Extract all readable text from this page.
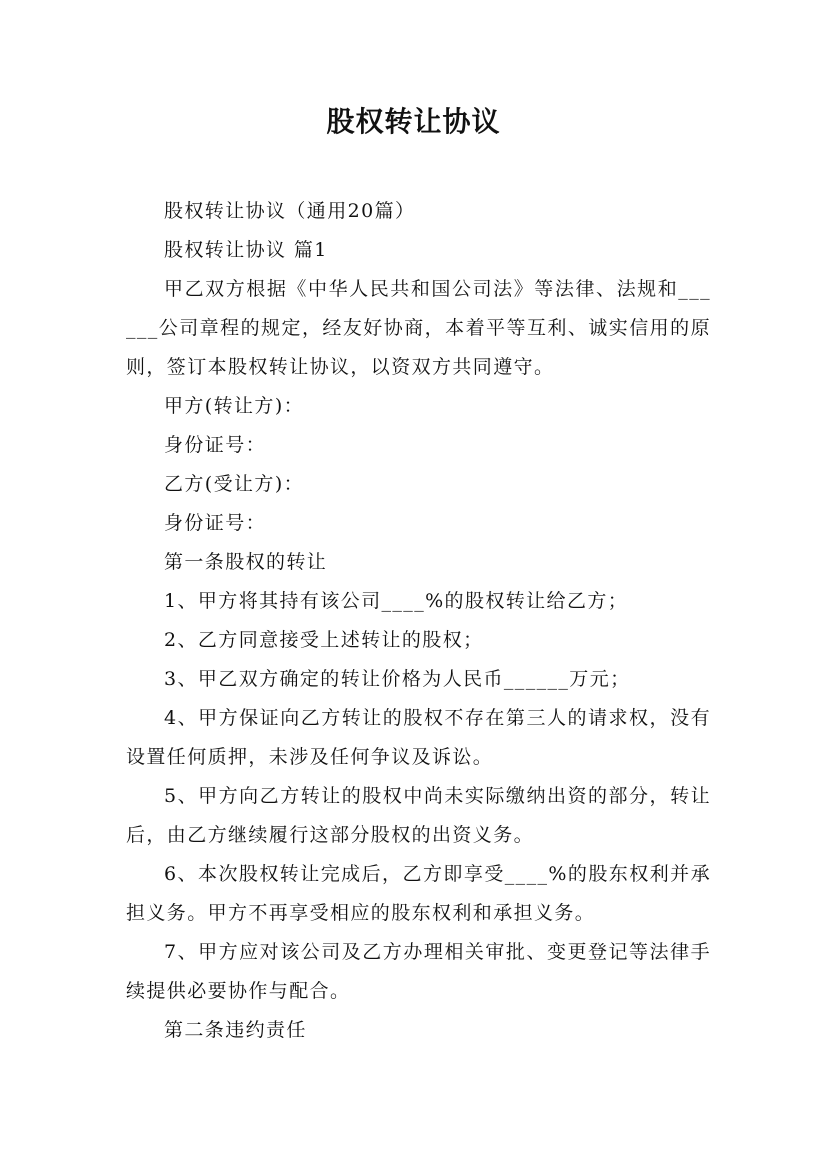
股权转让协议

股权转让协议（通用20篇）

股权转让协议 篇1

甲乙双方根据《中华人民共和国公司法》等法律、法规和______公司章程的规定，经友好协商，本着平等互利、诚实信用的原则，签订本股权转让协议，以资双方共同遵守。

甲方(转让方)：

身份证号：

乙方(受让方)：

身份证号：

第一条股权的转让

1、甲方将其持有该公司____%的股权转让给乙方；

2、乙方同意接受上述转让的股权；

3、甲乙双方确定的转让价格为人民币______万元；

4、甲方保证向乙方转让的股权不存在第三人的请求权，没有设置任何质押，未涉及任何争议及诉讼。

5、甲方向乙方转让的股权中尚未实际缴纳出资的部分，转让后，由乙方继续履行这部分股权的出资义务。

6、本次股权转让完成后，乙方即享受____%的股东权利并承担义务。甲方不再享受相应的股东权利和承担义务。

7、甲方应对该公司及乙方办理相关审批、变更登记等法律手续提供必要协作与配合。

第二条违约责任
